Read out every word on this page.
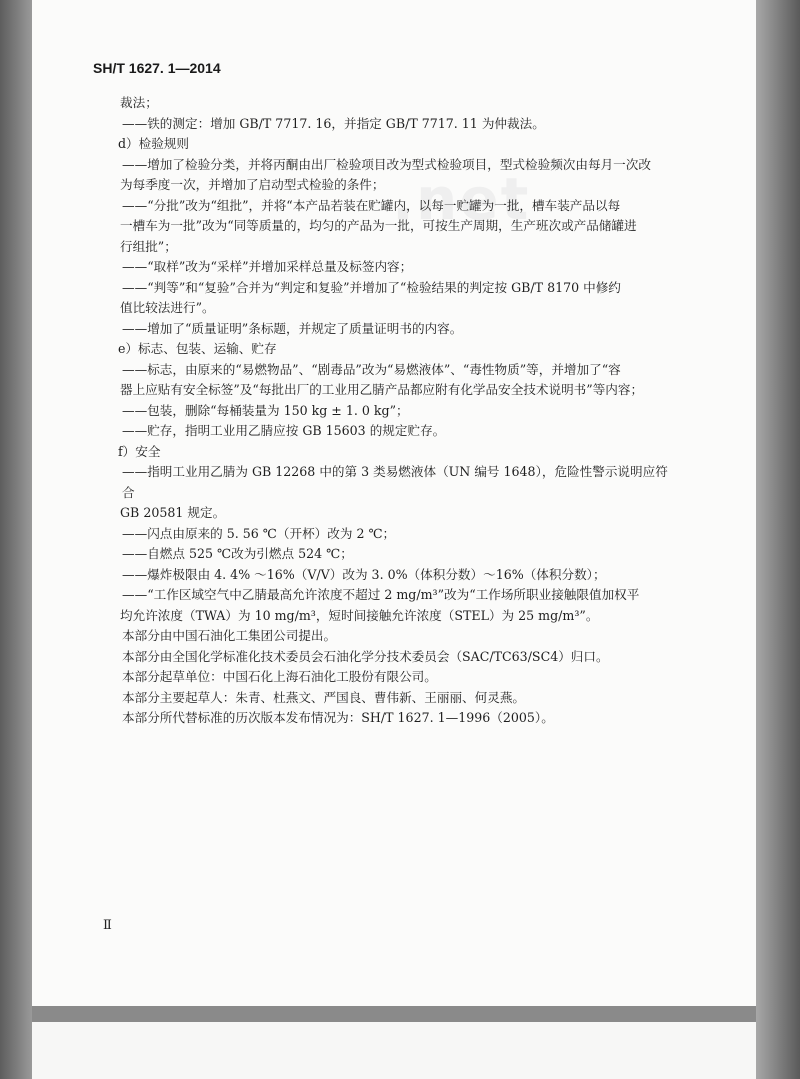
.net
SH/T 1627. 1—2014
裁法；
——铁的测定：增加 GB/T 7717. 16，并指定 GB/T 7717. 11 为仲裁法。
d）检验规则
——增加了检验分类，并将丙酮由出厂检验项目改为型式检验项目，型式检验频次由每月一次改
为每季度一次，并增加了启动型式检验的条件；
——“分批”改为“组批”，并将“本产品若装在贮罐内，以每一贮罐为一批，槽车装产品以每
一槽车为一批”改为“同等质量的，均匀的产品为一批，可按生产周期，生产班次或产品储罐进
行组批”；
——“取样”改为“采样”并增加采样总量及标签内容；
——“判等”和“复验”合并为“判定和复验”并增加了“检验结果的判定按 GB/T 8170 中修约
值比较法进行”。
——增加了“质量证明”条标题，并规定了质量证明书的内容。
e）标志、包装、运输、贮存
——标志，由原来的“易燃物品”、“剧毒品”改为“易燃液体”、“毒性物质”等，并增加了“容
器上应贴有安全标签”及“每批出厂的工业用乙腈产品都应附有化学品安全技术说明书”等内容；
——包装，删除“每桶装量为 150 kg ± 1. 0 kg”；
——贮存，指明工业用乙腈应按 GB 15603 的规定贮存。
f）安全
——指明工业用乙腈为 GB 12268 中的第 3 类易燃液体（UN 编号 1648），危险性警示说明应符合
GB 20581 规定。
——闪点由原来的 5. 56 ℃（开杯）改为 2 ℃；
——自燃点 525 ℃改为引燃点 524 ℃；
——爆炸极限由 4. 4% ～16%（V/V）改为 3. 0%（体积分数）～16%（体积分数）；
——“工作区域空气中乙腈最高允许浓度不超过 2 mg/m³”改为“工作场所职业接触限值加权平
均允许浓度（TWA）为 10 mg/m³，短时间接触允许浓度（STEL）为 25 mg/m³”。
本部分由中国石油化工集团公司提出。
本部分由全国化学标准化技术委员会石油化学分技术委员会（SAC/TC63/SC4）归口。
本部分起草单位：中国石化上海石油化工股份有限公司。
本部分主要起草人：朱青、杜燕文、严国良、曹伟新、王丽丽、何灵燕。
本部分所代替标准的历次版本发布情况为：SH/T 1627. 1—1996（2005）。
Ⅱ
